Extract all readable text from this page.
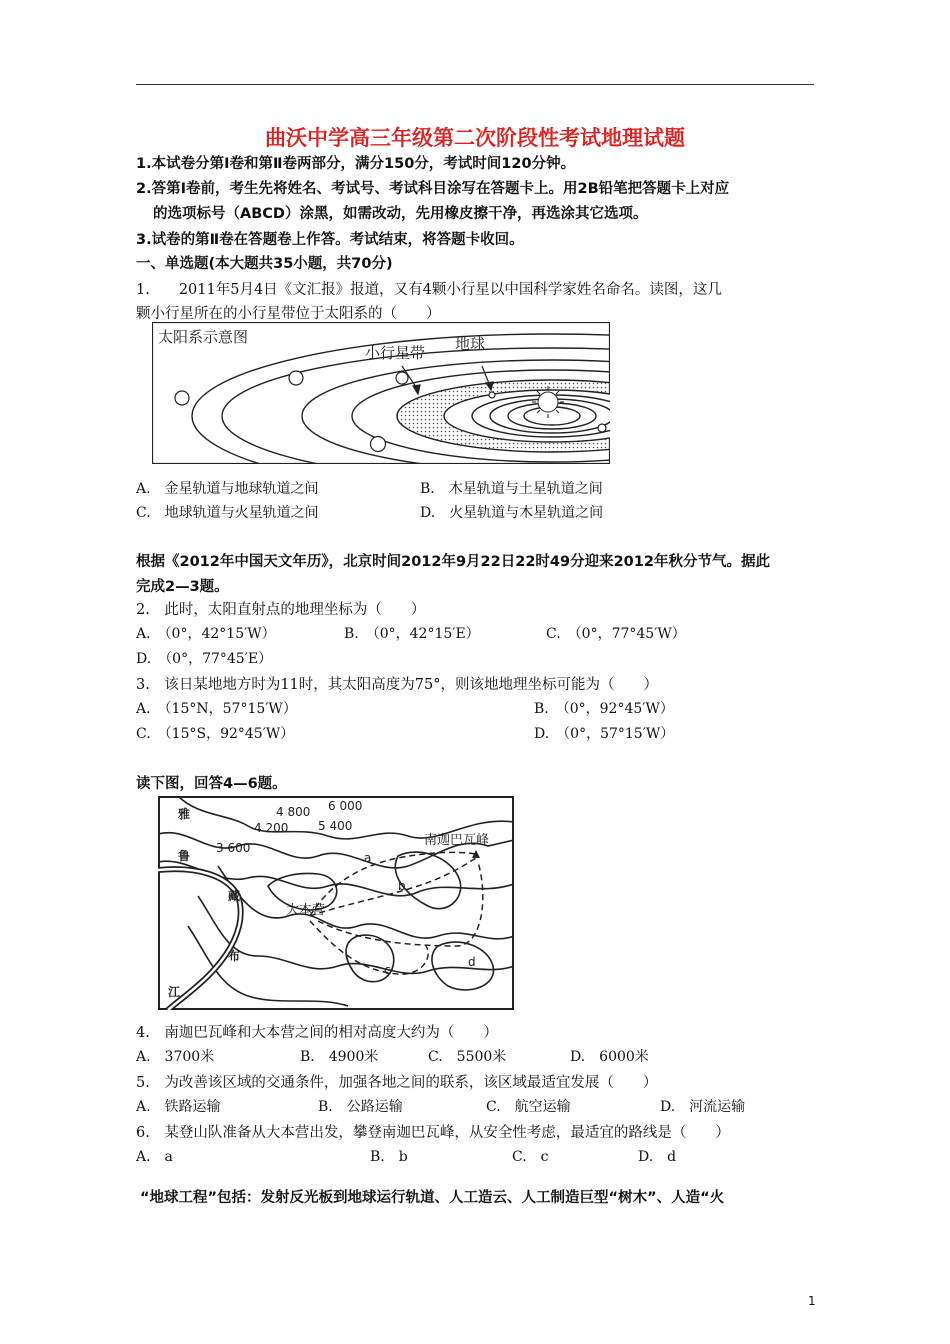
曲沃中学高三年级第二次阶段性考试地理试题
1.本试卷分第Ⅰ卷和第Ⅱ卷两部分，满分150分，考试时间120分钟。
2.答第Ⅰ卷前，考生先将姓名、考试号、考试科目涂写在答题卡上。用2B铅笔把答题卡上对应
的选项标号（ABCD）涂黑，如需改动，先用橡皮擦干净，再选涂其它选项。
3.试卷的第Ⅱ卷在答题卷上作答。考试结束，将答题卡收回。
一、单选题(本大题共35小题，共70分)
1.　　2011年5月4日《文汇报》报道，又有4颗小行星以中国科学家姓名命名。读图，这几
颗小行星所在的小行星带位于太阳系的（　　）
太阳系示意图
小行星带 地球
A.　金星轨道与地球轨道之间	B.　木星轨道与土星轨道之间
C.　地球轨道与火星轨道之间	D.　火星轨道与木星轨道之间
根据《2012年中国天文年历》，北京时间2012年9月22日22时49分迎来2012年秋分节气。据此
完成2—3题。
2.　此时，太阳直射点的地理坐标为（　　）
A.　（0°，42°15′W）	B.　（0°，42°15′E）	C.　（0°，77°45′W）
D.　（0°，77°45′E）
3.　该日某地地方时为11时，其太阳高度为75°，则该地地理坐标可能为（　　）
A.　（15°N，57°15′W）	B.　（0°，92°45′W）
C.　（15°S，92°45′W）	D.　（0°，57°15′W）
读下图，回答4—6题。
4 800 6 000
4 200 5 400
3 600	南迦巴瓦峰
大本营
雅
鲁
藏
布
江
a
b
c
d
4.　南迦巴瓦峰和大本营之间的相对高度大约为（　　）
A.　3700米	B.　4900米	C.　5500米	D.　6000米
5.　为改善该区域的交通条件，加强各地之间的联系，该区域最适宜发展（　　）
A.　铁路运输	B.　公路运输	C.　航空运输	D.　河流运输
6.　某登山队准备从大本营出发，攀登南迦巴瓦峰，从安全性考虑，最适宜的路线是（　　）
A.　a	B.　b	C.　c	D.　d
“地球工程”包括：发射反光板到地球运行轨道、人工造云、人工制造巨型“树木”、人造“火
1
